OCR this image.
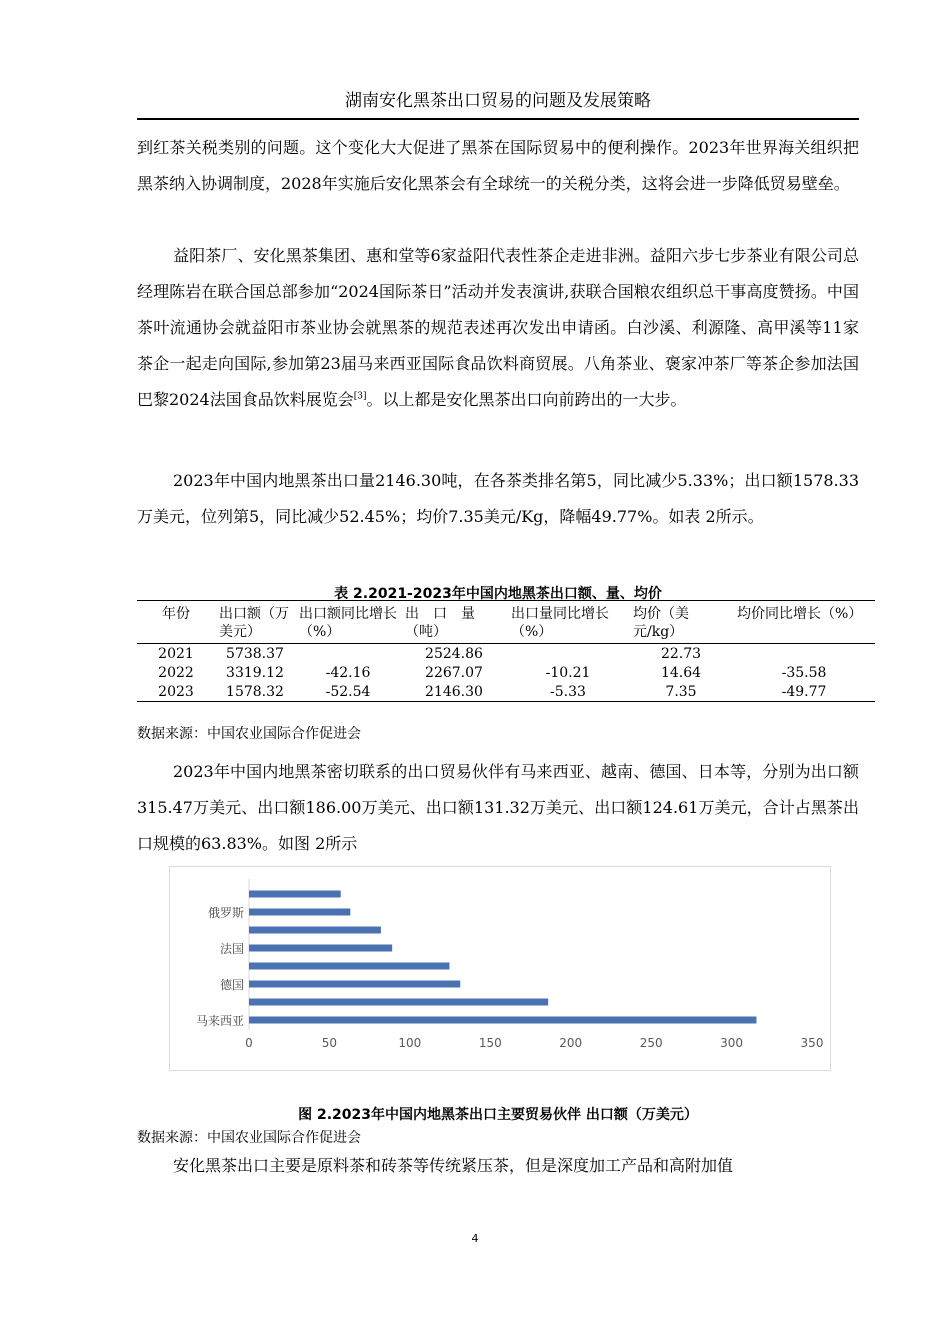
湖南安化黑茶出口贸易的问题及发展策略

到红茶关税类别的问题。这个变化大大促进了黑茶在国际贸易中的便利操作。2023年世界海关组织把黑茶纳入协调制度，2028年实施后安化黑茶会有全球统一的关税分类，这将会进一步降低贸易壁垒。

益阳茶厂、安化黑茶集团、惠和堂等6家益阳代表性茶企走进非洲。益阳六步七步茶业有限公司总经理陈岩在联合国总部参加“2024国际茶日”活动并发表演讲,获联合国粮农组织总干事高度赞扬。中国茶叶流通协会就益阳市茶业协会就黑茶的规范表述再次发出申请函。白沙溪、利源隆、高甲溪等11家茶企一起走向国际,参加第23届马来西亚国际食品饮料商贸展。八角茶业、褒家冲茶厂等茶企参加法国巴黎2024法国食品饮料展览会[3]。以上都是安化黑茶出口向前跨出的一大步。

2023年中国内地黑茶出口量2146.30吨，在各茶类排名第5，同比减少5.33%；出口额1578.33万美元，位列第5，同比减少52.45%；均价7.35美元/Kg，降幅49.77%。如表 2所示。

表 2.2021-2023年中国内地黑茶出口额、量、均价
年份	出口额（万美元）	出口额同比增长（%）	出　口　量（吨）	出口量同比增长（%）	均价（美元/kg）	均价同比增长（%）
2021	5738.37		2524.86		22.73	
2022	3319.12	-42.16	2267.07	-10.21	14.64	-35.58
2023	1578.32	-52.54	2146.30	-5.33	7.35	-49.77
数据来源：中国农业国际合作促进会

2023年中国内地黑茶密切联系的出口贸易伙伴有马来西亚、越南、德国、日本等，分别为出口额315.47万美元、出口额186.00万美元、出口额131.32万美元、出口额124.61万美元，合计占黑茶出口规模的63.83%。如图 2所示

马来西亚
德国
法国
俄罗斯
0	50	100	150	200	250	300	350
图 2.2023年中国内地黑茶出口主要贸易伙伴 出口额（万美元）
数据来源：中国农业国际合作促进会

安化黑茶出口主要是原料茶和砖茶等传统紧压茶，但是深度加工产品和高附加值

4
